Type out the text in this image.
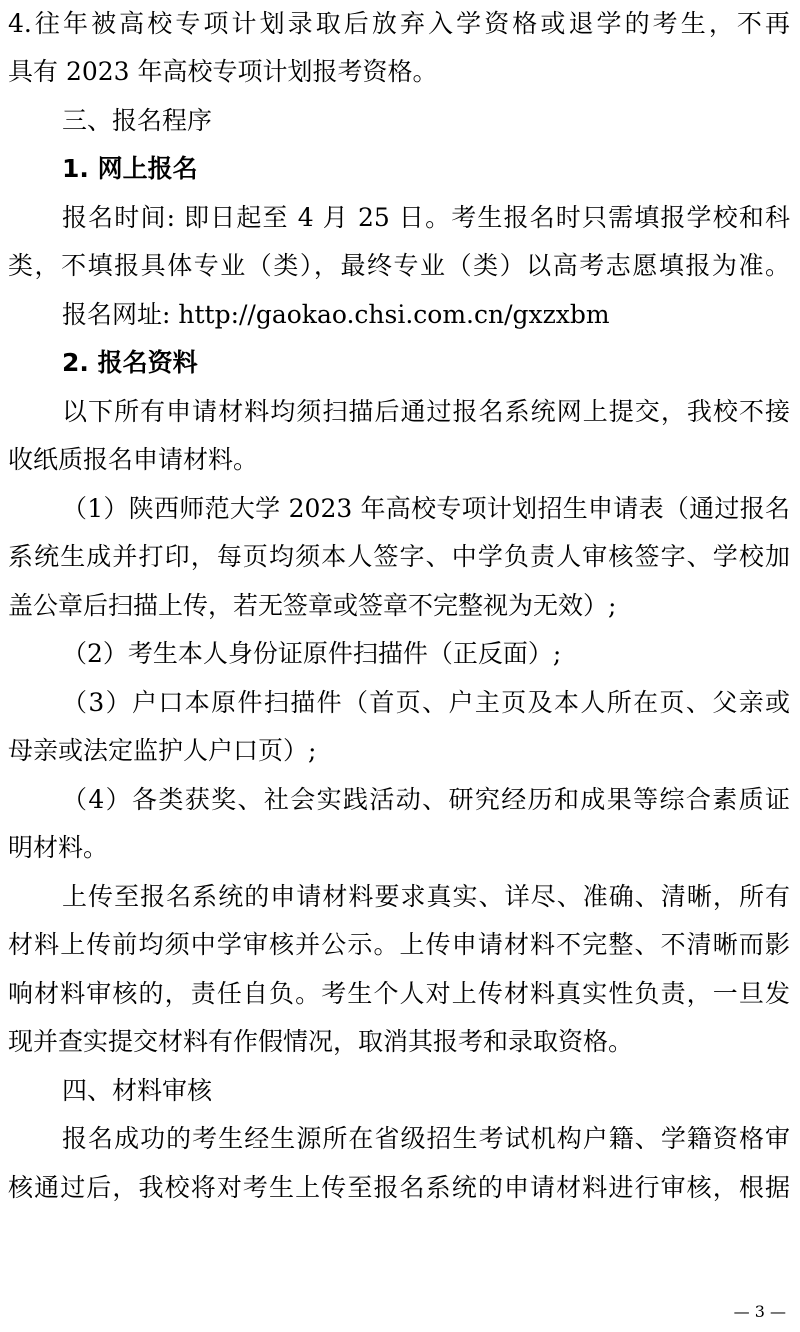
4.往年被高校专项计划录取后放弃入学资格或退学的考生，不再
具有 2023 年高校专项计划报考资格。
三、报名程序
1. 网上报名
报名时间: 即日起至 4 月 25 日。考生报名时只需填报学校和科
类，不填报具体专业（类），最终专业（类）以高考志愿填报为准。
报名网址: http://gaokao.chsi.com.cn/gxzxbm
2. 报名资料
以下所有申请材料均须扫描后通过报名系统网上提交，我校不接
收纸质报名申请材料。
（1）陕西师范大学 2023 年高校专项计划招生申请表（通过报名
系统生成并打印，每页均须本人签字、中学负责人审核签字、学校加
盖公章后扫描上传，若无签章或签章不完整视为无效）;
（2）考生本人身份证原件扫描件（正反面）;
（3）户口本原件扫描件（首页、户主页及本人所在页、父亲或
母亲或法定监护人户口页）;
（4）各类获奖、社会实践活动、研究经历和成果等综合素质证
明材料。
上传至报名系统的申请材料要求真实、详尽、准确、清晰，所有
材料上传前均须中学审核并公示。上传申请材料不完整、不清晰而影
响材料审核的，责任自负。考生个人对上传材料真实性负责，一旦发
现并查实提交材料有作假情况，取消其报考和录取资格。
四、材料审核
报名成功的考生经生源所在省级招生考试机构户籍、学籍资格审
核通过后，我校将对考生上传至报名系统的申请材料进行审核，根据
— 3 —
